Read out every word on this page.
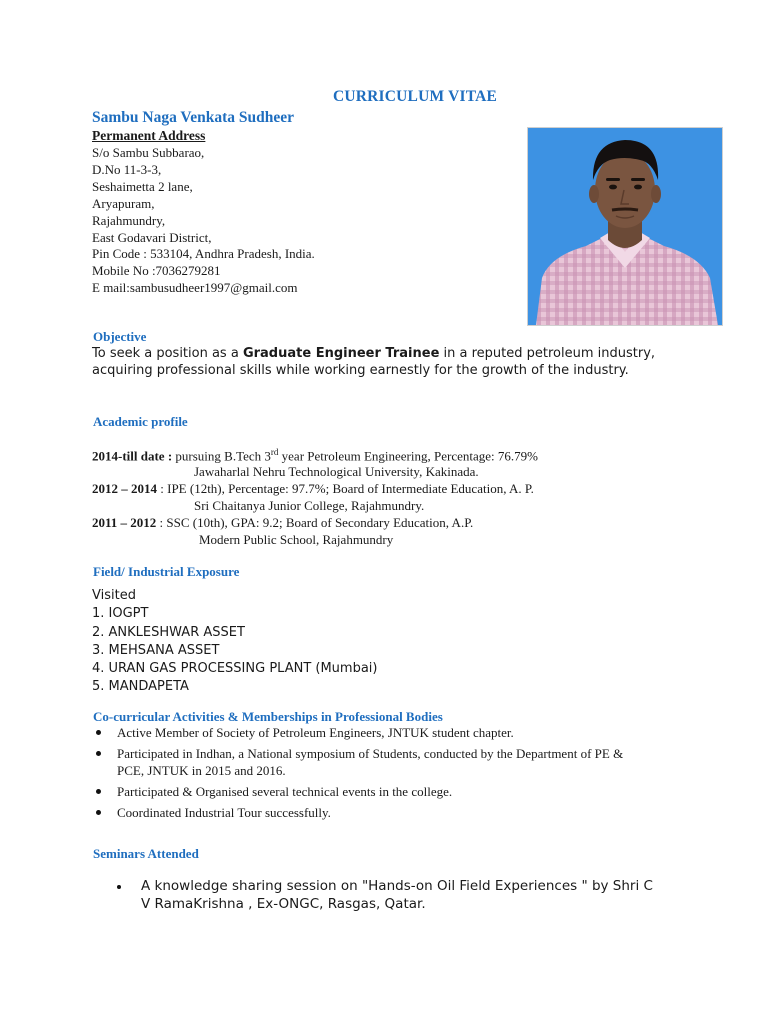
CURRICULUM VITAE
Sambu Naga Venkata Sudheer
Permanent Address
S/o Sambu Subbarao,
D.No 11-3-3,
Seshaimetta 2 lane,
Aryapuram,
Rajahmundry,
East Godavari District,
Pin Code : 533104, Andhra Pradesh, India.
Mobile No :7036279281
E mail:sambusudheer1997@gmail.com
Objective
To seek a position as a Graduate Engineer Trainee in a reputed petroleum industry, acquiring professional skills while working earnestly for the growth of the industry.
Academic profile
2014-till date : pursuing B.Tech 3rd year Petroleum Engineering, Percentage: 76.79%
Jawaharlal Nehru Technological University, Kakinada.
2012 – 2014 : IPE (12th), Percentage: 97.7%; Board of Intermediate Education, A. P.
Sri Chaitanya Junior College, Rajahmundry.
2011 – 2012 : SSC (10th), GPA: 9.2; Board of Secondary Education, A.P.
Modern Public School, Rajahmundry
Field/ Industrial Exposure
Visited
1. IOGPT
2. ANKLESHWAR ASSET
3. MEHSANA ASSET
4. URAN GAS PROCESSING PLANT (Mumbai)
5. MANDAPETA
Co-curricular Activities & Memberships in Professional Bodies
Active Member of Society of Petroleum Engineers, JNTUK student chapter.
Participated in Indhan, a National symposium of Students, conducted by the Department of PE & PCE, JNTUK in 2015 and 2016.
Participated & Organised several technical events in the college.
Coordinated Industrial Tour successfully.
Seminars Attended
A knowledge sharing session on "Hands-on Oil Field Experiences " by Shri C V RamaKrishna , Ex-ONGC, Rasgas, Qatar.
